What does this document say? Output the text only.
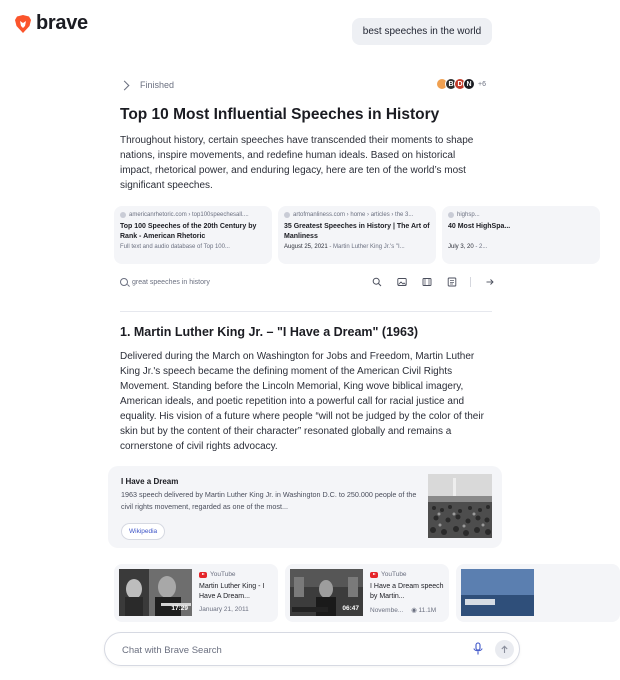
brave	best speeches in the world
Finished	B D N +6
Top 10 Most Influential Speeches in History

Throughout history, certain speeches have transcended their moments to shape nations, inspire movements, and redefine human ideals. Based on historical impact, rhetorical power, and enduring legacy, here are ten of the world’s most significant speeches.

americanrhetoric.com › top100speechesall....
Top 100 Speeches of the 20th Century by Rank - American Rhetoric
Full text and audio database of Top 100...
artofmanliness.com › home › articles › the 3...
35 Greatest Speeches in History | The Art of Manliness
August 25, 2021 - Martin Luther King Jr.'s "I...
highsp...
40 Most HighSpa...
July 3, 20 - 2...
great speeches in history
1. Martin Luther King Jr. – "I Have a Dream" (1963)

Delivered during the March on Washington for Jobs and Freedom, Martin Luther King Jr.'s speech became the defining moment of the American Civil Rights Movement. Standing before the Lincoln Memorial, King wove biblical imagery, American ideals, and poetic repetition into a powerful call for racial justice and equality. His vision of a future where people “will not be judged by the color of their skin but by the content of their character” resonated globally and remains a cornerstone of civil rights advocacy.

I Have a Dream
1963 speech delivered by Martin Luther King Jr. in Washington D.C. to 250.000 people of the civil rights movement, regarded as one of the most...
Wikipedia
17:29
YouTube
Martin Luther King - I Have A Dream...
January 21, 2011	06:47
YouTube
I Have a Dream speech by Martin...
Novembe... ◉ 11.1M
Chat with Brave Search
